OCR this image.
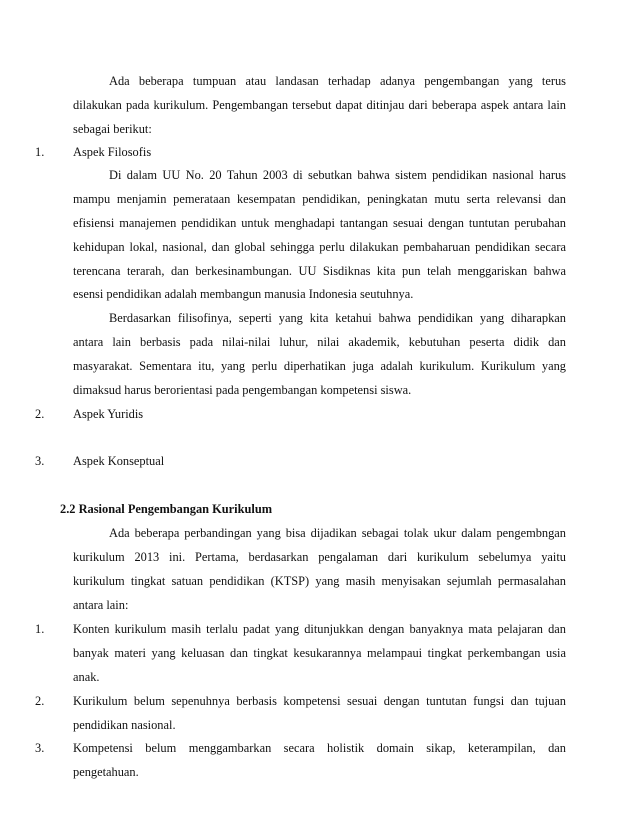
Ada beberapa tumpuan atau landasan terhadap adanya pengembangan yang terus
dilakukan pada kurikulum. Pengembangan tersebut dapat ditinjau dari beberapa aspek antara lain
sebagai berikut:
1. Aspek Filosofis
Di dalam UU No. 20 Tahun 2003 di sebutkan bahwa sistem pendidikan nasional harus
mampu menjamin pemerataan kesempatan pendidikan, peningkatan mutu serta relevansi dan
efisiensi manajemen pendidikan untuk menghadapi tantangan sesuai dengan tuntutan perubahan
kehidupan lokal, nasional, dan global sehingga perlu dilakukan pembaharuan pendidikan secara
terencana terarah, dan berkesinambungan. UU Sisdiknas kita pun telah menggariskan bahwa
esensi pendidikan adalah membangun manusia Indonesia seutuhnya.
Berdasarkan filisofinya, seperti yang kita ketahui bahwa pendidikan yang diharapkan
antara lain berbasis pada nilai-nilai luhur, nilai akademik, kebutuhan peserta didik dan
masyarakat. Sementara itu, yang perlu diperhatikan juga adalah kurikulum. Kurikulum yang
dimaksud harus berorientasi pada pengembangan kompetensi siswa.
2. Aspek Yuridis
3. Aspek Konseptual
2.2 Rasional Pengembangan Kurikulum
Ada beberapa perbandingan yang bisa dijadikan sebagai tolak ukur dalam pengembngan
kurikulum 2013 ini. Pertama, berdasarkan pengalaman dari kurikulum sebelumya yaitu
kurikulum tingkat satuan pendidikan (KTSP) yang masih menyisakan sejumlah permasalahan
antara lain:
1. Konten kurikulum masih terlalu padat yang ditunjukkan dengan banyaknya mata pelajaran dan
banyak materi yang keluasan dan tingkat kesukarannya melampaui tingkat perkembangan usia
anak.
2. Kurikulum belum sepenuhnya berbasis kompetensi sesuai dengan tuntutan fungsi dan tujuan
pendidikan nasional.
3. Kompetensi belum menggambarkan secara holistik domain sikap, keterampilan, dan
pengetahuan.
